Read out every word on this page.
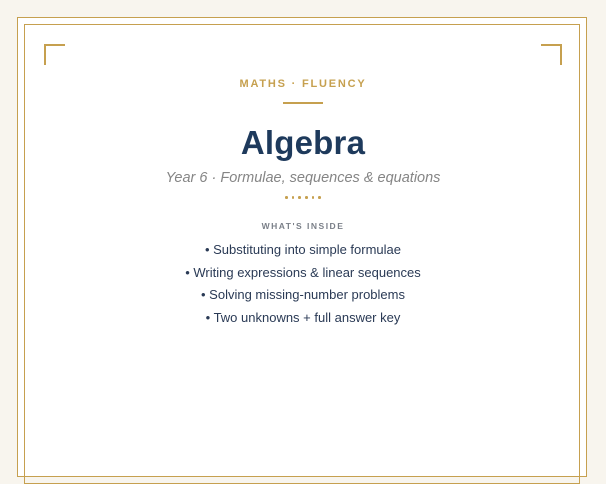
MATHS · FLUENCY
Algebra
Year 6 · Formulae, sequences & equations
WHAT'S INSIDE
• Substituting into simple formulae
• Writing expressions & linear sequences
• Solving missing-number problems
• Two unknowns + full answer key
